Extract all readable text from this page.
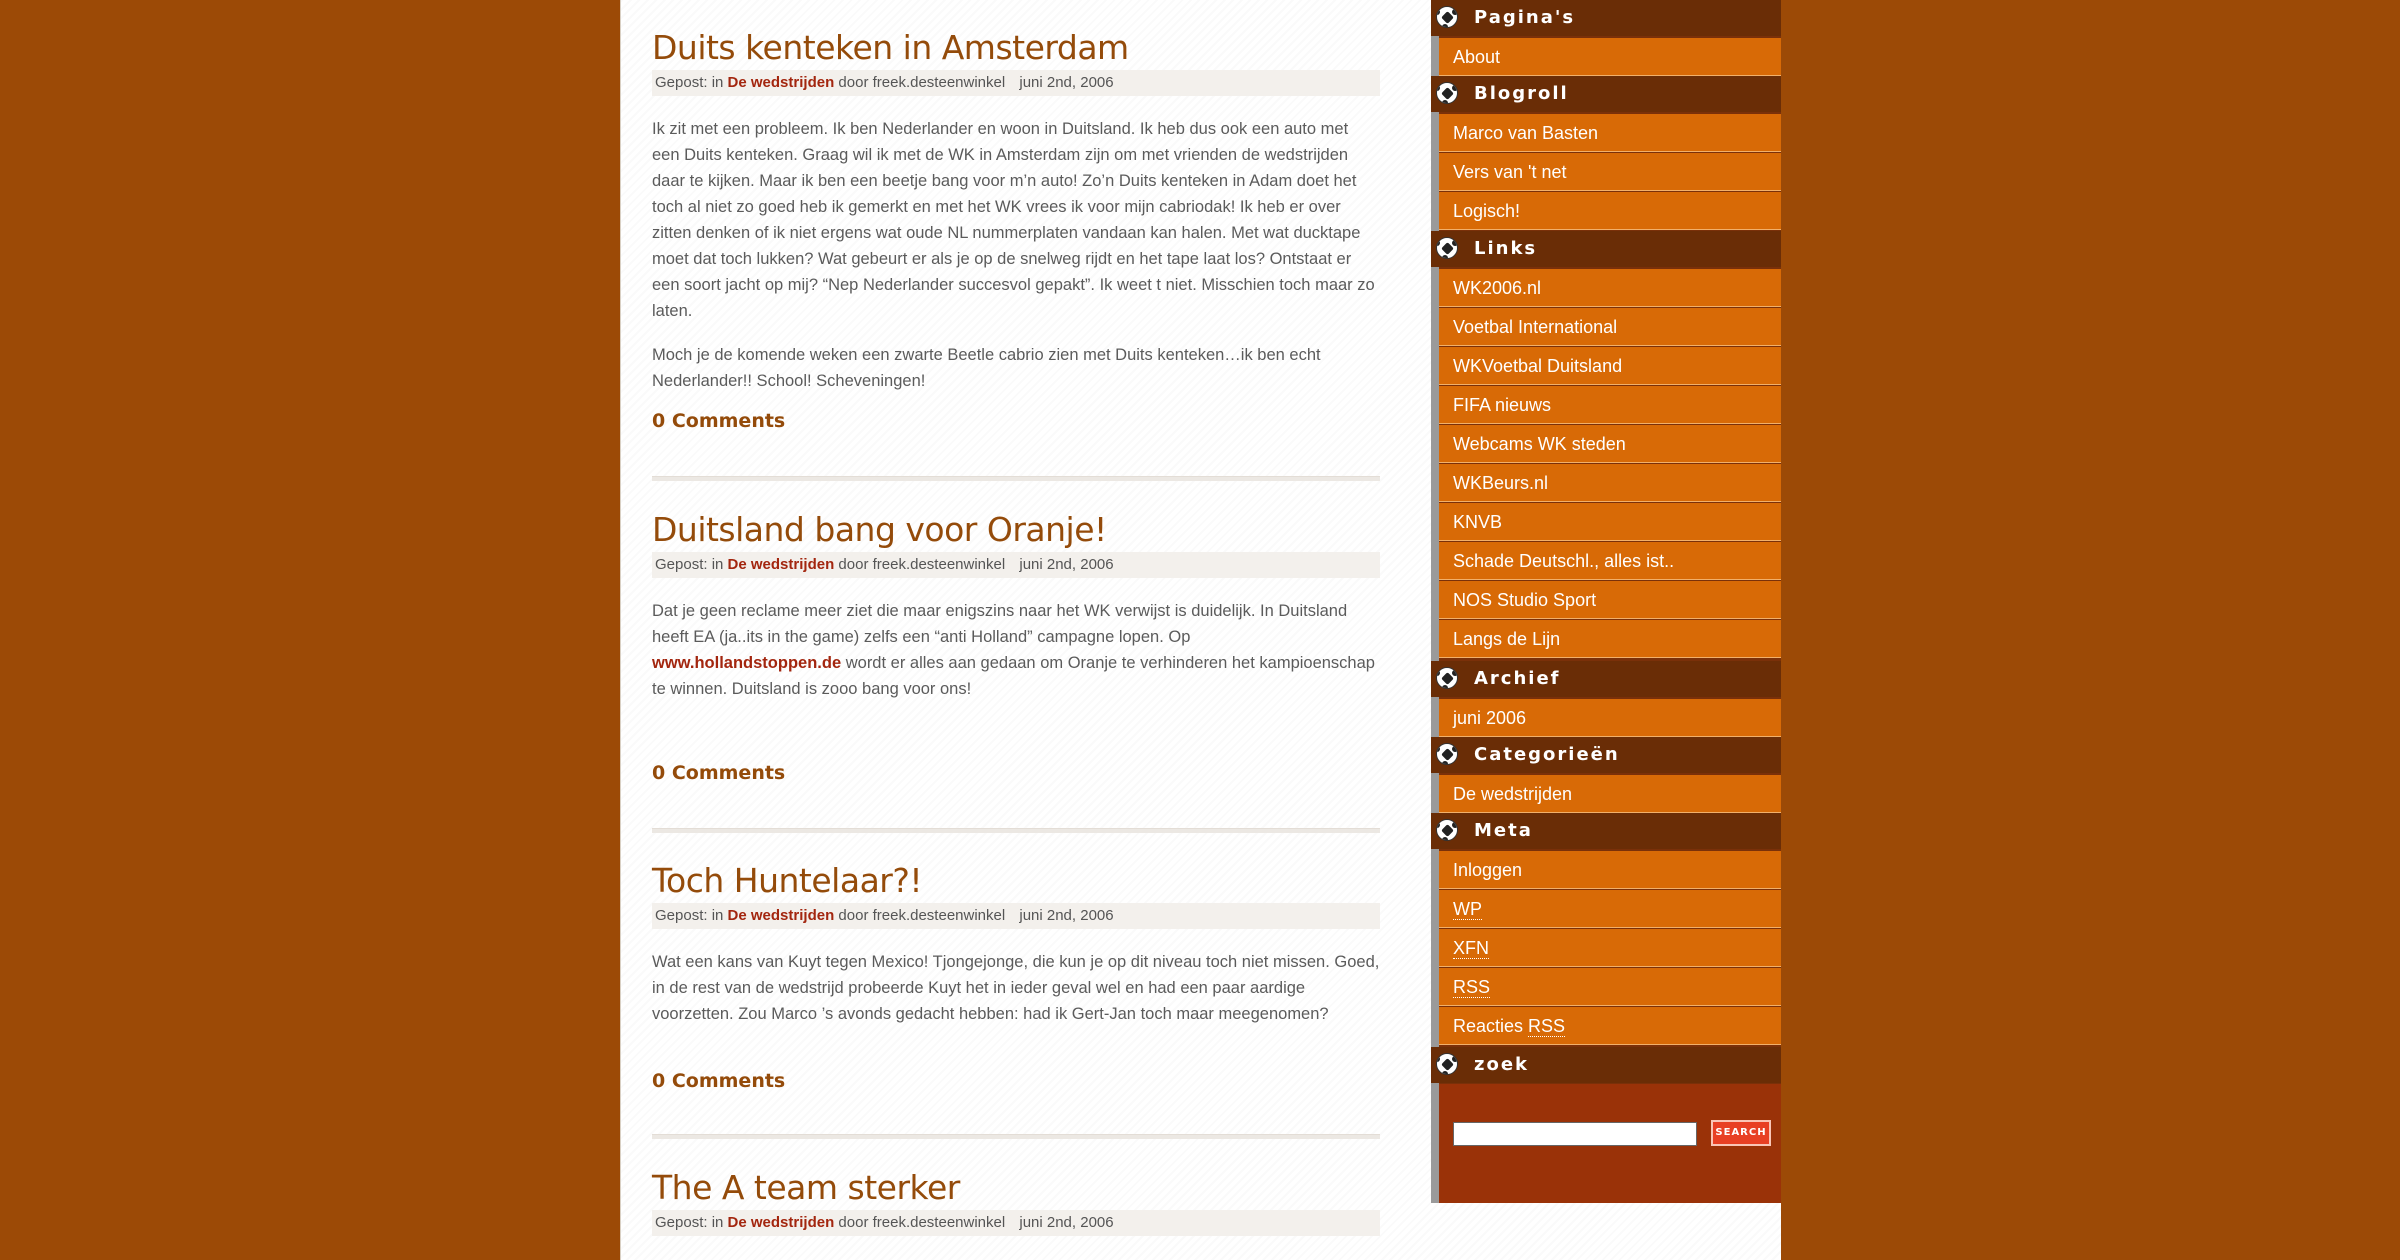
Duits kenteken in Amsterdam
Gepost: in De wedstrijden door freek.desteenwinkel juni 2nd, 2006

Ik zit met een probleem. Ik ben Nederlander en woon in Duitsland. Ik heb dus ook een auto met een Duits kenteken. Graag wil ik met de WK in Amsterdam zijn om met vrienden de wedstrijden daar te kijken. Maar ik ben een beetje bang voor m’n auto! Zo’n Duits kenteken in Adam doet het toch al niet zo goed heb ik gemerkt en met het WK vrees ik voor mijn cabriodak! Ik heb er over zitten denken of ik niet ergens wat oude NL nummerplaten vandaan kan halen. Met wat ducktape moet dat toch lukken? Wat gebeurt er als je op de snelweg rijdt en het tape laat los? Ontstaat er een soort jacht op mij? “Nep Nederlander succesvol gepakt”. Ik weet t niet. Misschien toch maar zo laten.

Moch je de komende weken een zwarte Beetle cabrio zien met Duits kenteken…ik ben echt Nederlander!! School! Scheveningen!

0 Comments
Duitsland bang voor Oranje!
Gepost: in De wedstrijden door freek.desteenwinkel juni 2nd, 2006

Dat je geen reclame meer ziet die maar enigszins naar het WK verwijst is duidelijk. In Duitsland heeft EA (ja..its in the game) zelfs een “anti Holland” campagne lopen. Op
www.hollandstoppen.de wordt er alles aan gedaan om Oranje te verhinderen het kampioenschap te winnen. Duitsland is zooo bang voor ons!

0 Comments
Toch Huntelaar?!
Gepost: in De wedstrijden door freek.desteenwinkel juni 2nd, 2006

Wat een kans van Kuyt tegen Mexico! Tjongejonge, die kun je op dit niveau toch niet missen. Goed, in de rest van de wedstrijd probeerde Kuyt het in ieder geval wel en had een paar aardige voorzetten. Zou Marco ’s avonds gedacht hebben: had ik Gert-Jan toch maar meegenomen?

0 Comments
The A team sterker
Gepost: in De wedstrijden door freek.desteenwinkel juni 2nd, 2006
Pagina's
About
Blogroll
Marco van Basten
Vers van 't net
Logisch!
Links
WK2006.nl
Voetbal International
WKVoetbal Duitsland
FIFA nieuws
Webcams WK steden
WKBeurs.nl
KNVB
Schade Deutschl., alles ist..
NOS Studio Sport
Langs de Lijn
Archief
juni 2006
Categorieën
De wedstrijden
Meta
Inloggen
WP
XFN
RSS
Reacties RSS
zoek
SEARCH
